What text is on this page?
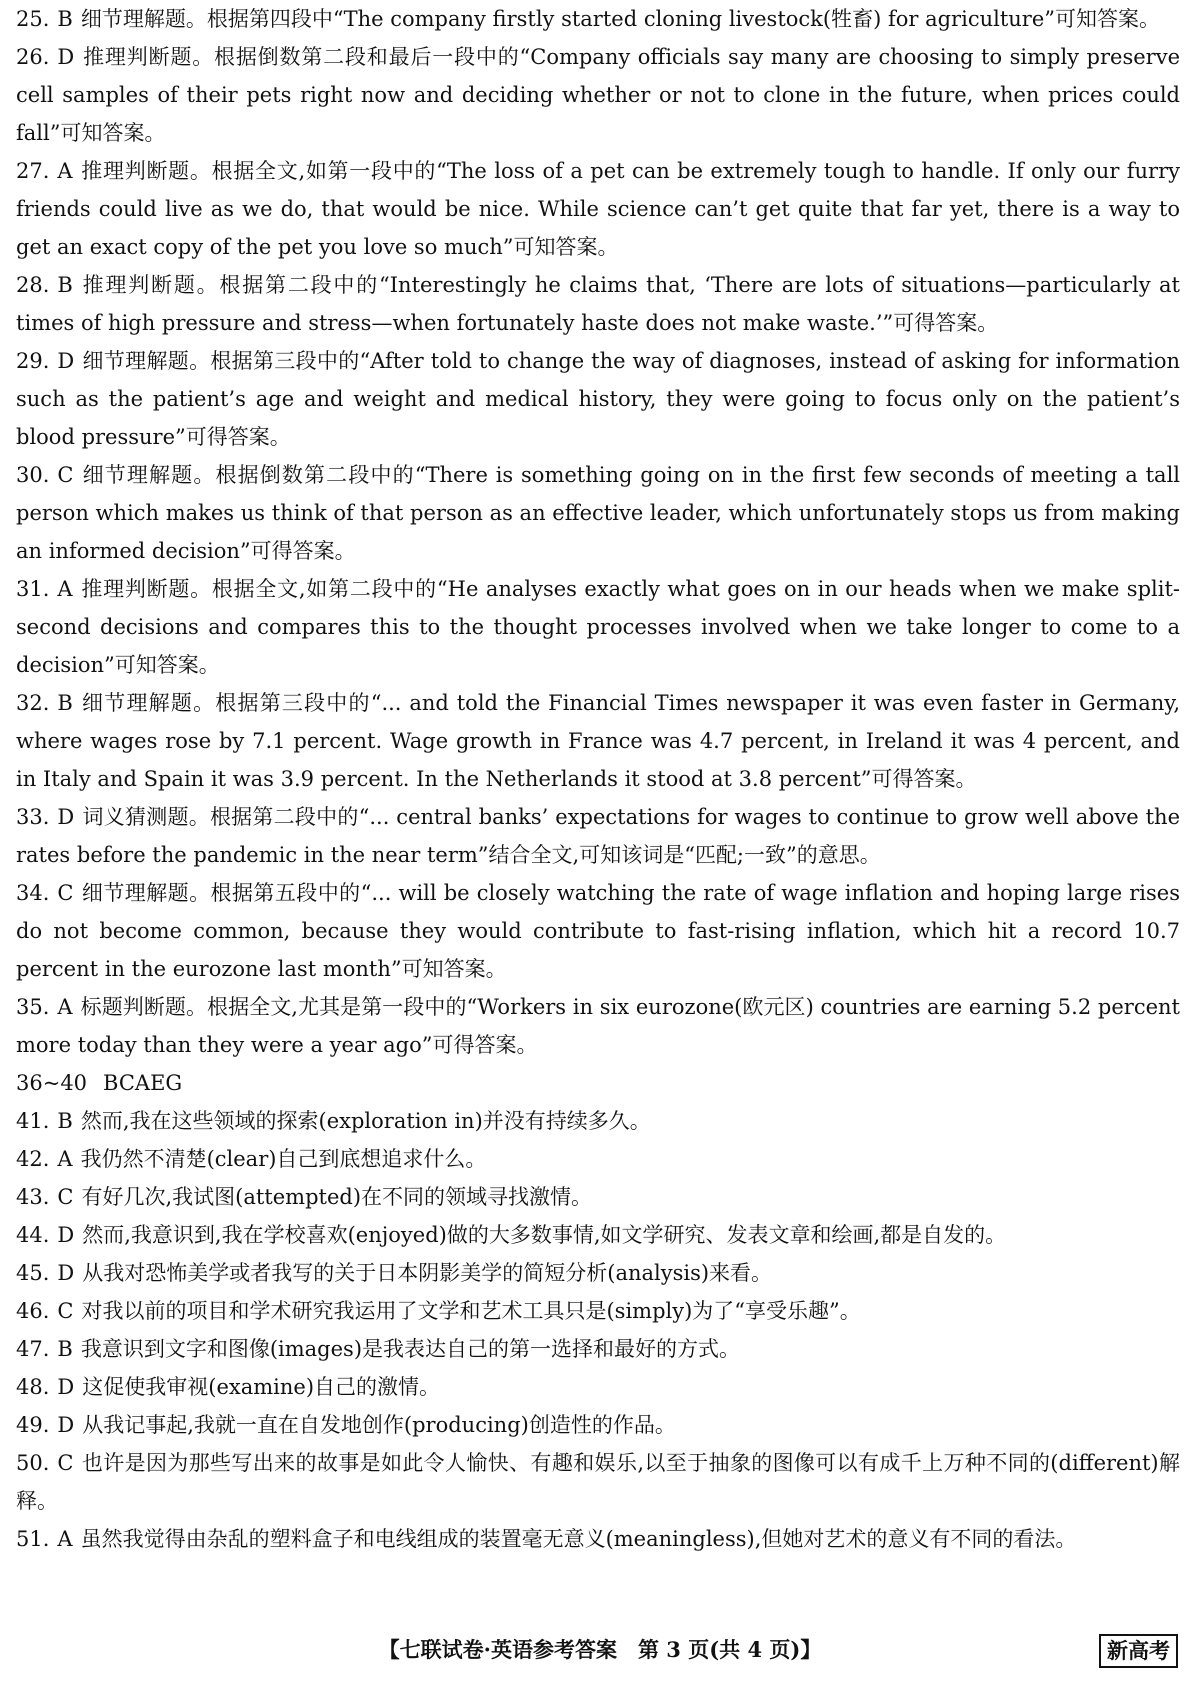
25. B 细节理解题。根据第四段中“The company firstly started cloning livestock(牲畜) for agriculture”可知答案。
26. D 推理判断题。根据倒数第二段和最后一段中的“Company officials say many are choosing to simply preserve cell samples of their pets right now and deciding whether or not to clone in the future, when prices could fall”可知答案。
27. A 推理判断题。根据全文,如第一段中的“The loss of a pet can be extremely tough to handle. If only our furry friends could live as we do, that would be nice. While science can’t get quite that far yet, there is a way to get an exact copy of the pet you love so much”可知答案。
28. B 推理判断题。根据第二段中的“Interestingly he claims that, ‘There are lots of situations—particularly at times of high pressure and stress—when fortunately haste does not make waste.’”可得答案。
29. D 细节理解题。根据第三段中的“After told to change the way of diagnoses, instead of asking for information such as the patient’s age and weight and medical history, they were going to focus only on the patient’s blood pressure”可得答案。
30. C 细节理解题。根据倒数第二段中的“There is something going on in the first few seconds of meeting a tall person which makes us think of that person as an effective leader, which unfortunately stops us from making an informed decision”可得答案。
31. A 推理判断题。根据全文,如第二段中的“He analyses exactly what goes on in our heads when we make split-second decisions and compares this to the thought processes involved when we take longer to come to a decision”可知答案。
32. B 细节理解题。根据第三段中的“... and told the Financial Times newspaper it was even faster in Germany, where wages rose by 7.1 percent. Wage growth in France was 4.7 percent, in Ireland it was 4 percent, and in Italy and Spain it was 3.9 percent. In the Netherlands it stood at 3.8 percent”可得答案。
33. D 词义猜测题。根据第二段中的“... central banks’ expectations for wages to continue to grow well above the rates before the pandemic in the near term”结合全文,可知该词是“匹配;一致”的意思。
34. C 细节理解题。根据第五段中的“... will be closely watching the rate of wage inflation and hoping large rises do not become common, because they would contribute to fast-rising inflation, which hit a record 10.7 percent in the eurozone last month”可知答案。
35. A 标题判断题。根据全文,尤其是第一段中的“Workers in six eurozone(欧元区) countries are earning 5.2 percent more today than they were a year ago”可得答案。
36~40 BCAEG
41. B 然而,我在这些领域的探索(exploration in)并没有持续多久。
42. A 我仍然不清楚(clear)自己到底想追求什么。
43. C 有好几次,我试图(attempted)在不同的领域寻找激情。
44. D 然而,我意识到,我在学校喜欢(enjoyed)做的大多数事情,如文学研究、发表文章和绘画,都是自发的。
45. D 从我对恐怖美学或者我写的关于日本阴影美学的简短分析(analysis)来看。
46. C 对我以前的项目和学术研究我运用了文学和艺术工具只是(simply)为了“享受乐趣”。
47. B 我意识到文字和图像(images)是我表达自己的第一选择和最好的方式。
48. D 这促使我审视(examine)自己的激情。
49. D 从我记事起,我就一直在自发地创作(producing)创造性的作品。
50. C 也许是因为那些写出来的故事是如此令人愉快、有趣和娱乐,以至于抽象的图像可以有成千上万种不同的(different)解释。
51. A 虽然我觉得由杂乱的塑料盒子和电线组成的装置毫无意义(meaningless),但她对艺术的意义有不同的看法。
【七联试卷·英语参考答案　第 3 页(共 4 页)】	新高考
